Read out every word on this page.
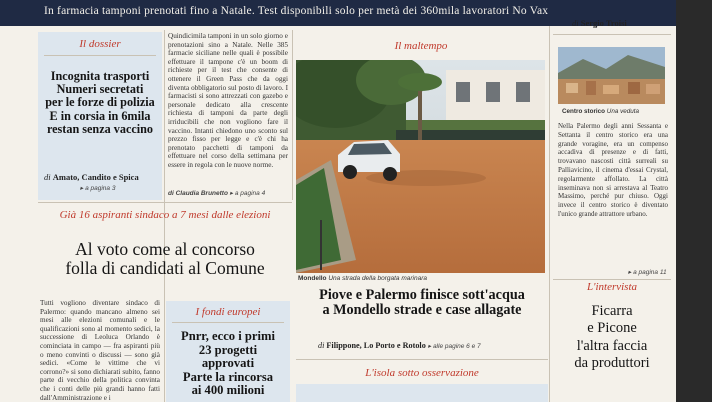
In farmacia tamponi prenotati fino a Natale. Test disponibili solo per metà dei 360mila lavoratori No Vax
Il dossier
Incognita trasporti
Numeri secretati
per le forze di polizia
E in corsia in 6mila
restan senza vaccino
di Amato, Candito e Spica
▸ a pagina 3
Quindicimila tamponi in un solo giorno e prenotazioni sino a Natale. Nelle 385 farmacie siciliane nelle quali è possibile effettuare il tampone c'è un boom di richieste per il test che consente di ottenere il Green Pass che da oggi diventa obbligatorio sul posto di lavoro. I farmacisti si sono attrezzati con gazebo e personale dedicato alla crescente richiesta di tamponi da parte degli irriducibili che non vogliono fare il vaccino. Intanti chiedono uno sconto sul prezzo fisso per legge e c'è chi ha prenotato pacchetti di tamponi da effettuare nel corso della settimana per essere in regola con le nuove norme.
di Claudia Brunetto ▸ a pagina 4
Il maltempo
Mondello Una strada della borgata marinara
Piove e Palermo finisce sott'acqua
a Mondello strade e case allagate
di Filippone, Lo Porto e Rotolo ▸ alle pagine 6 e 7
L'isola sotto osservazione
Già 16 aspiranti sindaco a 7 mesi dalle elezioni
Al voto come al concorso
folla di candidati al Comune
Tutti vogliono diventare sindaco di Palermo: quando mancano almeno sei mesi alle elezioni comunali e le qualificazioni sono al momento sedici, la successione di Leoluca Orlando è cominciata in campo — fra aspiranti più o meno convinti o discussi — sono già sedici. «Come le vittime che vi corrono?» si sono dichiarati subito, fanno parte di vecchio della politica convinta che i conti delle più grandi hanno fatti dall'Amministrazione e i
I fondi europei
Pnrr, ecco i primi
23 progetti
approvati
Parte la rincorsa
ai 400 milioni
di Sergio Troisi
Centro storico Una veduta
Nella Palermo degli anni Sessanta e Settanta il centro storico era una grande voragine, era un compenso accadiva di presenze e di fatti, trovavano nascosti città surreali su Palliavicino, il cinema d'essai Crystal, regolarmente affollato. La città inseminava non si arrestava al Teatro Massimo, perché pur chiuso. Oggi invece il centro storico è diventato l'unico grande attrattore urbano.
▸ a pagina 11
L'intervista
Ficarra
e Picone
l'altra faccia
da produttori
